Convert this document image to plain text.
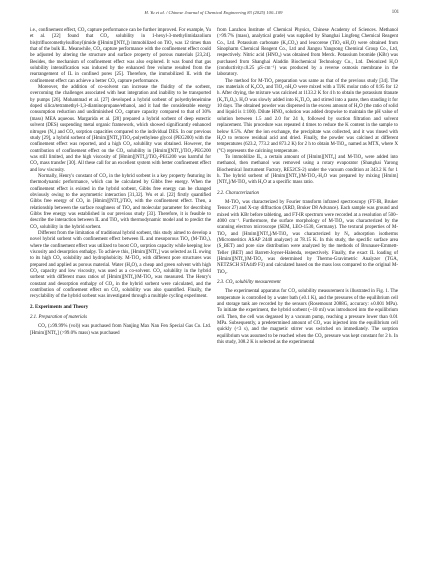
H. Yu et al. / Chinese Journal of Chemical Engineering 83 (2025) 100–109	101

i.e., confinement effect, CO₂ capture performance can be further improved. For example, Yu et al. [22] found that CO₂ solubility in 1-hexyl-3-methylimidazolium bis(trifluoromethylsulfonyl)imide ([Hmim][NTf₂]) immobilized on TiO₂ was 12 times than that of the bulk IL. Meanwhile, CO₂ capture performance with the confinement effect could be adjusted by altering the structure and surface property of porous materials [23,24]. Besides, the mechanism of confinement effect was also explored. It was found that gas solubility intensification was induced by the enhanced free volume resulted from the rearrangement of IL in confined pores [25]. Therefore, the immobilized IL with the confinement effect can achieve a better CO₂ capture performance.

Moreover, the addition of co-solvent can increase the fluidity of the sorbent, overcoming the challenges associated with heat integration and inability to be transported by pumps [26]. Mohammad et al. [27] developed a hybrid sorbent of polyethyleneimine doped silica/tetramethyl-1,3-diaminopropane/ethanol, and it had the considerable energy consumption reduction and undiminished CO₂ capture capacity compared to that of 30% (mass) MEA aqueous. Margarida et al. [28] prepared a hybrid sorbent of deep eutectic solvent (DES) suspending metal organic framework, which showed significantly enhanced nitrogen (N₂) and CO₂ sorption capacities compared to the individual DES. In our previous study [29], a hybrid sorbent of [Hmim][NTf₂]/TiO₂-polyethylene glycol (PEG200) with the confinement effect was reported, and a high CO₂ solubility was obtained. However, the contribution of confinement effect on the CO₂ solubility in [Hmim][NTf₂]/TiO₂-PEG200 was still limited, and the high viscosity of [Hmim][NTf₂]/TiO₂-PEG200 was harmful for CO₂ mass transfer [30]. All these call for an excellent system with better confinement effect and low viscosity.

Normally, Henry's constant of CO₂ in the hybrid sorbent is a key property featuring its thermodynamic performance, which can be calculated by Gibbs free energy. When the confinement effect is existed in the hybrid sorbent, Gibbs free energy can be changed obviously owing to the asymmetric interaction [31,32]. Wu et al. [22] firstly quantified Gibbs free energy of CO₂ in [Hmim][NTf₂]/TiO₂ with the confinement effect. Then, a relationship between the surface roughness of TiO₂ and molecular parameter for describing Gibbs free energy was established in our previous study [33]. Therefore, it is feasible to describe the interaction between IL and TiO₂ with thermodynamic model and to predict the CO₂ solubility in the hybrid sorbent.

Different from the limitation of traditional hybrid sorbent, this study aimed to develop a novel hybrid sorbent with confinement effect between IL and mesoporous TiO₂ (M-TiO₂), where the confinement effect was utilized to boost CO₂ sorption capacity while keeping low viscosity and desorption enthalpy. To achieve this, [Hmim][NTf₂] was selected as IL owing to its high CO₂ solubility and hydrophobicity. M-TiO₂ with different pore structures was prepared and applied as porous material. Water (H₂O), a cheap and green solvent with high CO₂ capacity and low viscosity, was used as a co-solvent. CO₂ solubility in the hybrid sorbent with different mass ratios of [Hmim][NTf₂]/M-TiO₂ was measured. The Henry's constant and desorption enthalpy of CO₂ in the hybrid sorbent were calculated, and the contribution of confinement effect on CO₂ solubility was also quantified. Finally, the recyclability of the hybrid sorbent was investigated through a multiple cycling experiment.

2. Experiments and Theory
2.1. Preparation of materials

CO₂ (≥99.99% (vol)) was purchased from Nanjing Max Nan Fen Special Gas Co. Ltd. [Hmim][NTf₂] (>99.0% mass) was purchased

from Lanzhou Institute of Chemical Physics, Chinese Academy of Sciences. Methanol (>99.7% (mass), analytical grade) was supplied by Shanghai Lingfeng Chemical Reagent Co., Ltd. Potassium carbonate (K₂CO₃) and leucorene (TiO₂·nH₂O) were obtained from Sinopharm Chemical Reagent Co., Ltd and Jiangsu Yangsong Chemical Group Co., Ltd, respectively. Nitric acid (HNO₃) was obtained from Merck. Potassium bromide (KBr) was purchased from Shanghai Aladdin Biochemical Technology Co., Ltd. Deionized H₂O (conductivity≤0.25 μS·cm⁻¹) was produced by a reverse osmosis membrane in the laboratory.

The method for M-TiO₂ preparation was same as that of the previous study [34]. The raw materials of K₂CO₃ and TiO₂·nH₂O were mixed with a Ti/K molar ratio of 0.95 for 12 h. After drying, the mixture was calcined at 1133.2 K for 4 h to obtain the potassium titanate (K₂Ti₂O₅). H₂O was slowly added into K₂Ti₂O₅ and stirred into a paste, then standing it for 10 days. The obtained powder was dispersed in the excess amount of H₂O (the ratio of solid and liquid is 1:100). Dilute HNO₃ solution was added dropwise to maintain the pH value of solution between 1.5 and 2.0 for 24 h, followed by suction filtration and solvent replacement. This procedure was repeated 4 times to reduce the K content in the sample to below 0.5%. After the ion exchange, the precipitate was collected, and it was rinsed with H₂O to remove residual acid and dried. Finally, the powder was calcined at different temperatures (623.2, 773.2 and 873.2 K) for 2 h to obtain M-TiO₂, named as MTX, where X (°C) represents the calcining temperature.

To immobilize IL, a certain amount of [Hmim][NTf₂] and M-TiO₂ were added into methanol, then methanol was removed using a rotary evaporator (Shanghai Yarong Biochemical Instrument Factory, RE52CS-2) under the vacuum condition at 343.2 K for 1 h. The hybrid sorbent of [Hmim][NTf₂]/M-TiO₂-H₂O was prepared by mixing [Hmim][NTf₂]/M-TiO₂ with H₂O at a specific mass ratio.

2.2. Characterization

M-TiO₂ was characterized by Fourier transform infrared spectroscopy (FT-IR, Bruker Tensor 27) and X-ray diffraction (XRD, Bruker D8 Advance). Each sample was ground and mixed with KBr before tableting, and FT-IR spectrum were recorded at a resolution of 500–4000 cm⁻¹. Furthermore, the surface morphology of M-TiO₂ was characterized by the scanning electron microscope (SEM, LEO-1530, Germany). The textural properties of M-TiO₂ and [Hmim][NTf₂]/M-TiO₂ was characterized by N₂ adsorption isotherms (Micromeritics ASAP 2440 analyzer) at 78.15 K. In this study, the specific surface area (S_BET) and pore size distribution were analyzed by the methods of Brunauer-Emmett-Teller (BET) and Barrett-Joyner-Halenda, respectively. Finally, the exact IL loading of [Hmim][NTf₂]/M-TiO₂ was determined by Thermo-Gravimetric Analyzer (TGA, NETZSCH STA449 F3) and calculated based on the mass loss compared to the original M-TiO₂.

2.3. CO₂ solubility measurement

The experimental apparatus for CO₂ solubility measurement is illustrated in Fig. 1. The temperature is controlled by a water bath (±0.1 K), and the pressures of the equilibrium cell and storage tank are recorded by the sensors (Rosemount 2088G, accuracy: ±0.001 MPa). To initiate the experiment, the hybrid sorbent (~10 ml) was introduced into the equilibrium cell. Then, the cell was degassed by a vacuum pump, reaching a pressure lower than 0.01 MPa. Subsequently, a predetermined amount of CO₂ was injected into the equilibrium cell quickly (<3 s), and the magnetic stirrer was switched on immediately. The sorption equilibrium was assumed to be reached when the CO₂ pressure was kept constant for 2 h. In this study, 308.2 K is selected as the experimental
